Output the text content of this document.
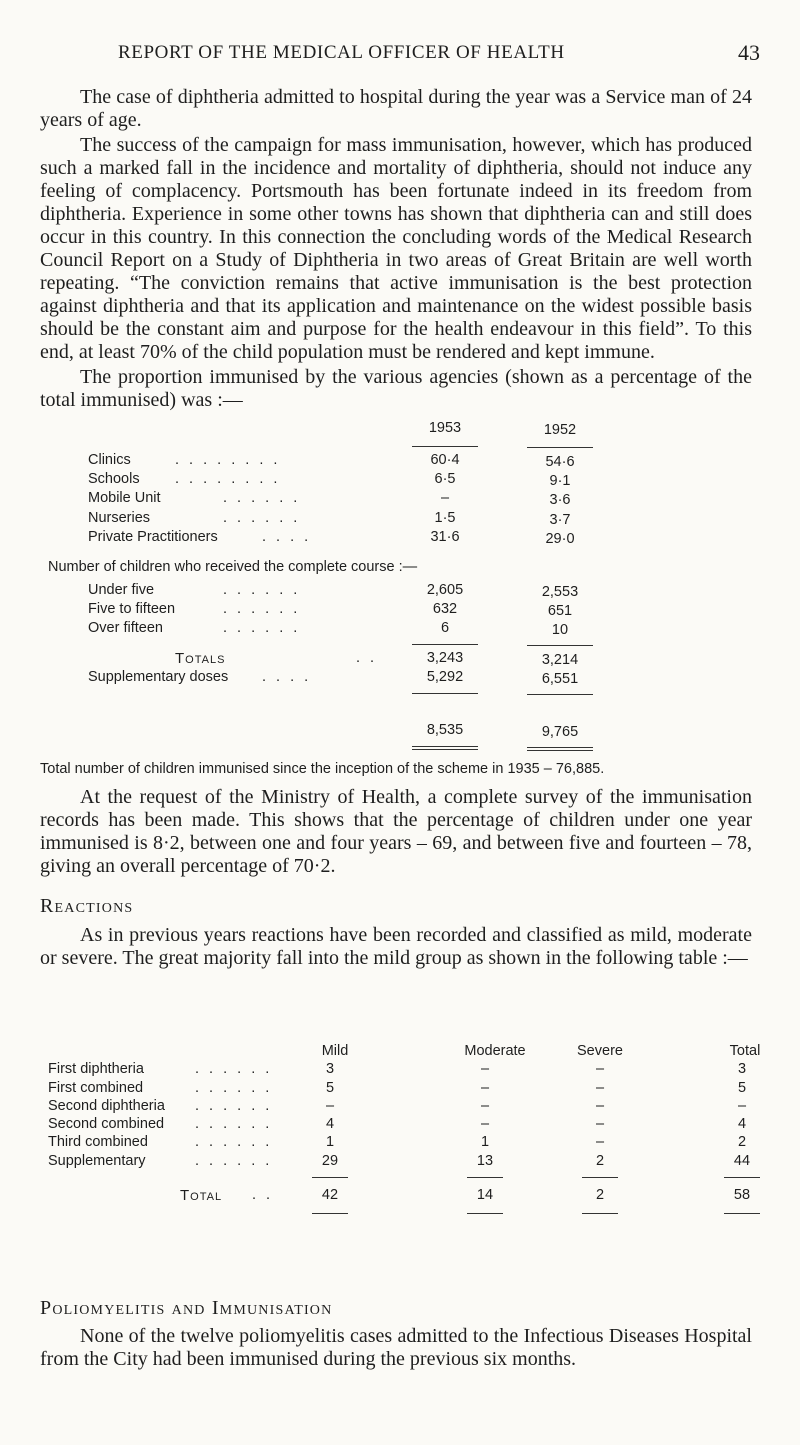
REPORT OF THE MEDICAL OFFICER OF HEALTH	43

The case of diphtheria admitted to hospital during the year was a Service man of 24 years of age.

The success of the campaign for mass immunisation, however, which has produced such a marked fall in the incidence and mortality of diphtheria, should not induce any feeling of complacency. Portsmouth has been fortunate indeed in its freedom from diphtheria. Experience in some other towns has shown that diphtheria can and still does occur in this country. In this connection the concluding words of the Medical Research Council Report on a Study of Diphtheria in two areas of Great Britain are well worth repeating. “The conviction remains that active immunisation is the best protection against diphtheria and that its application and maintenance on the widest possible basis should be the constant aim and purpose for the health endeavour in this field”. To this end, at least 70% of the child population must be rendered and kept immune.

The proportion immunised by the various agencies (shown as a percentage of the total immunised) was :—

1953	1952
Clinics	. . . . . . . .	60·4	54·6
Schools . . . . . . . .	6·5	9·1
Mobile Unit	. . . . . .	–	3·6
Nurseries	. . . . . .	1·5	3·7
Private Practitioners	. . . .	31·6	29·0
Number of children who received the complete course :—
Under five	. . . . . .	2,605	2,553
Five to fifteen	. . . . . .	632	651
Over fifteen	. . . . . .	6	10
Totals	. .	3,243	3,214
Supplementary doses . . . .	5,292	6,551
8,535	9,765
Total number of children immunised since the inception of the scheme in 1935 – 76,885.

At the request of the Ministry of Health, a complete survey of the immunisation records has been made. This shows that the percentage of children under one year immunised is 8·2, between one and four years – 69, and between five and fourteen – 78, giving an overall percentage of 70·2.

Reactions

As in previous years reactions have been recorded and classified as mild, moderate or severe. The great majority fall into the mild group as shown in the following table :—

Mild	Moderate	Severe	Total
First diphtheria	. . . . . .	3	–	–	3
First combined	. . . . . .	5	–	–	5
Second diphtheria . . . . . .	–	–	–	–
Second combined . . . . . .	4	–	–	4
Third combined	. . . . . .	1	1	–	2
Supplementary	. . . . . .	29	13	2	44
Total . .	42	14	2	58
Poliomyelitis and Immunisation

None of the twelve poliomyelitis cases admitted to the Infectious Diseases Hospital from the City had been immunised during the previous six months.
